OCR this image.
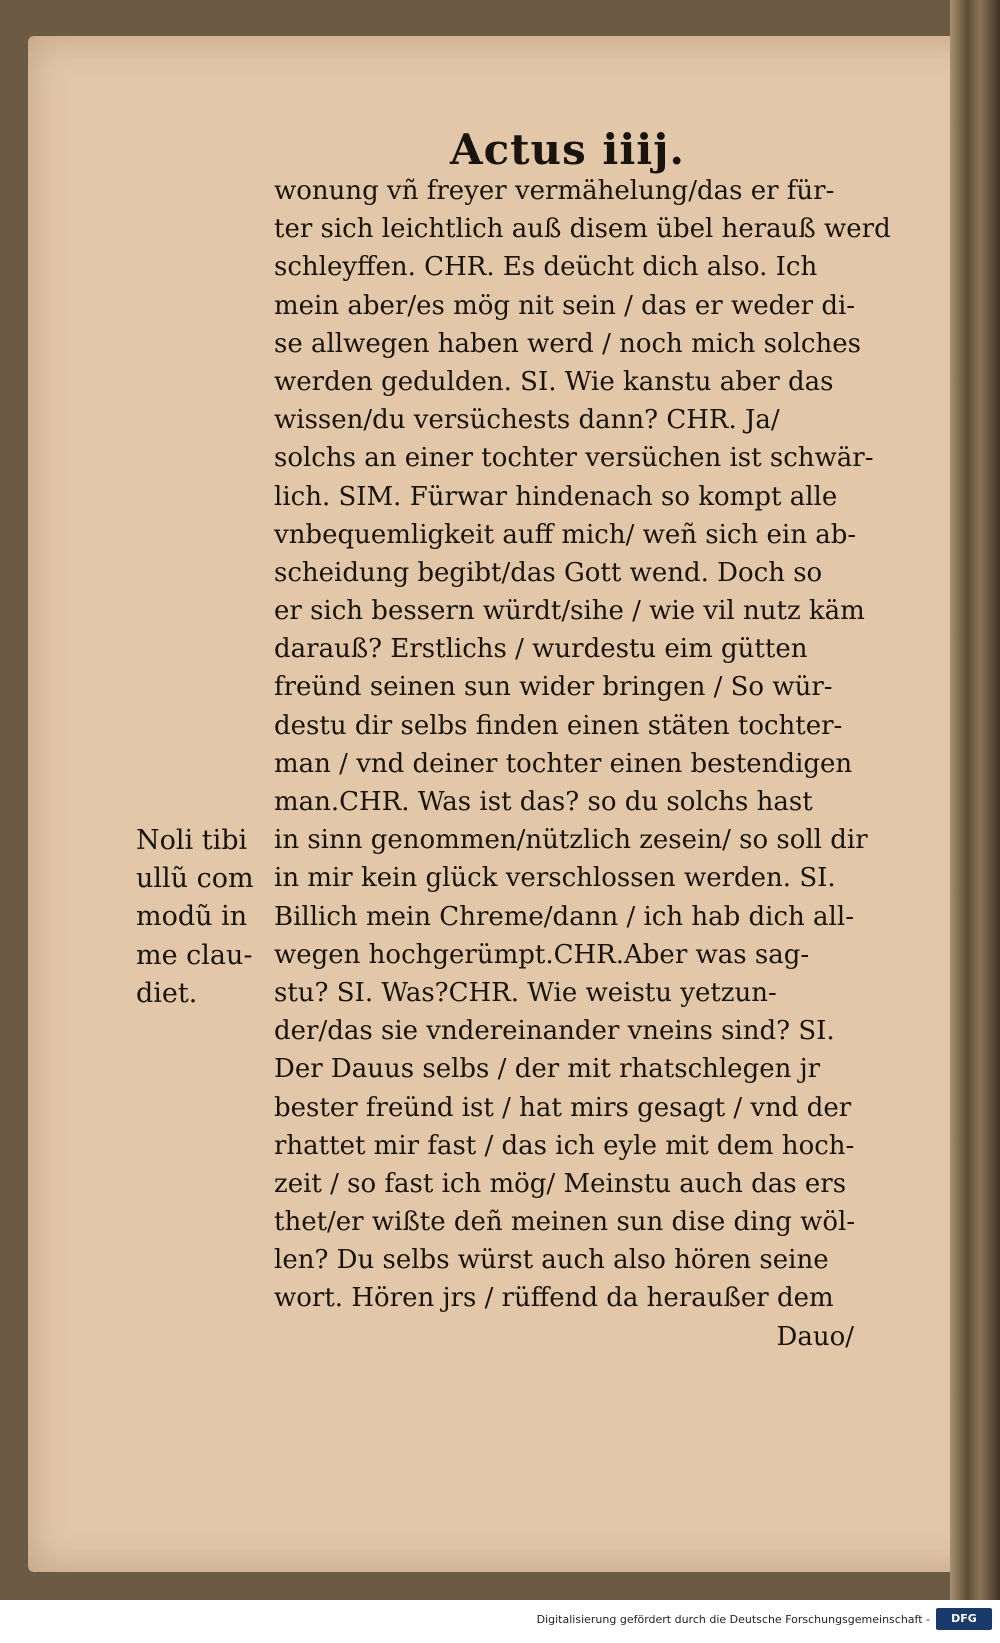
Actus iiij.
wonung vñ freyer vermähelung/das er für-
ter sich leichtlich auß disem übel herauß werd
schleyffen. CHR. Es deücht dich also. Ich
mein aber/es mög nit sein / das er weder di-
se allwegen haben werd / noch mich solches
werden gedulden. SI. Wie kanstu aber das
wissen/du versüchests dann? CHR. Ja/
solchs an einer tochter versüchen ist schwär-
lich. SIM. Fürwar hindenach so kompt alle
vnbequemligkeit auff mich/ weñ sich ein ab-
scheidung begibt/das Gott wend. Doch so
er sich bessern würdt/sihe / wie vil nutz käm
darauß? Erstlichs / wurdestu eim gütten
freünd seinen sun wider bringen / So wür-
destu dir selbs finden einen stäten tochter-
man / vnd deiner tochter einen bestendigen
man.CHR. Was ist das? so du solchs hast
in sinn genommen/nützlich zesein/ so soll dir
in mir kein glück verschlossen werden. SI.
Billich mein Chreme/dann / ich hab dich all-
wegen hochgerümpt.CHR.Aber was sag-
stu? SI. Was?CHR. Wie weistu yetzun-
der/das sie vndereinander vneins sind? SI.
Der Dauus selbs / der mit rhatschlegen jr
bester freünd ist / hat mirs gesagt / vnd der
rhattet mir fast / das ich eyle mit dem hoch-
zeit / so fast ich mög/ Meinstu auch das ers
thet/er wißte deñ meinen sun dise ding wöl-
len? Du selbs würst auch also hören seine
wort. Hören jrs / rüffend da heraußer dem
Dauo/
Noli tibi
ullũ com
modũ in
me clau-
diet.
Digitalisierung gefördert durch die Deutsche Forschungsgemeinschaft -	DFG
